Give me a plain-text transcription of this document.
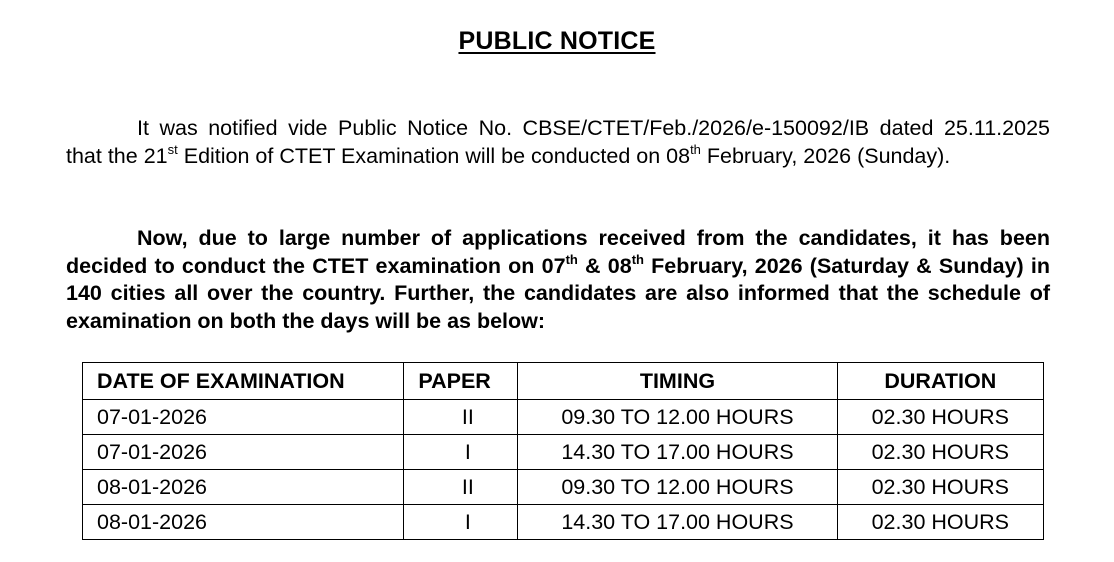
PUBLIC NOTICE

It was notified vide Public Notice No. CBSE/CTET/Feb./2026/e-150092/IB dated 25.11.2025 that the 21st Edition of CTET Examination will be conducted on 08th February, 2026 (Sunday).

Now, due to large number of applications received from the candidates, it has been decided to conduct the CTET examination on 07th & 08th February, 2026 (Saturday & Sunday) in 140 cities all over the country. Further, the candidates are also informed that the schedule of examination on both the days will be as below:

DATE OF EXAMINATION	PAPER	TIMING	DURATION
07-01-2026	II	09.30 TO 12.00 HOURS	02.30 HOURS
07-01-2026	I	14.30 TO 17.00 HOURS	02.30 HOURS
08-01-2026	II	09.30 TO 12.00 HOURS	02.30 HOURS
08-01-2026	I	14.30 TO 17.00 HOURS	02.30 HOURS
